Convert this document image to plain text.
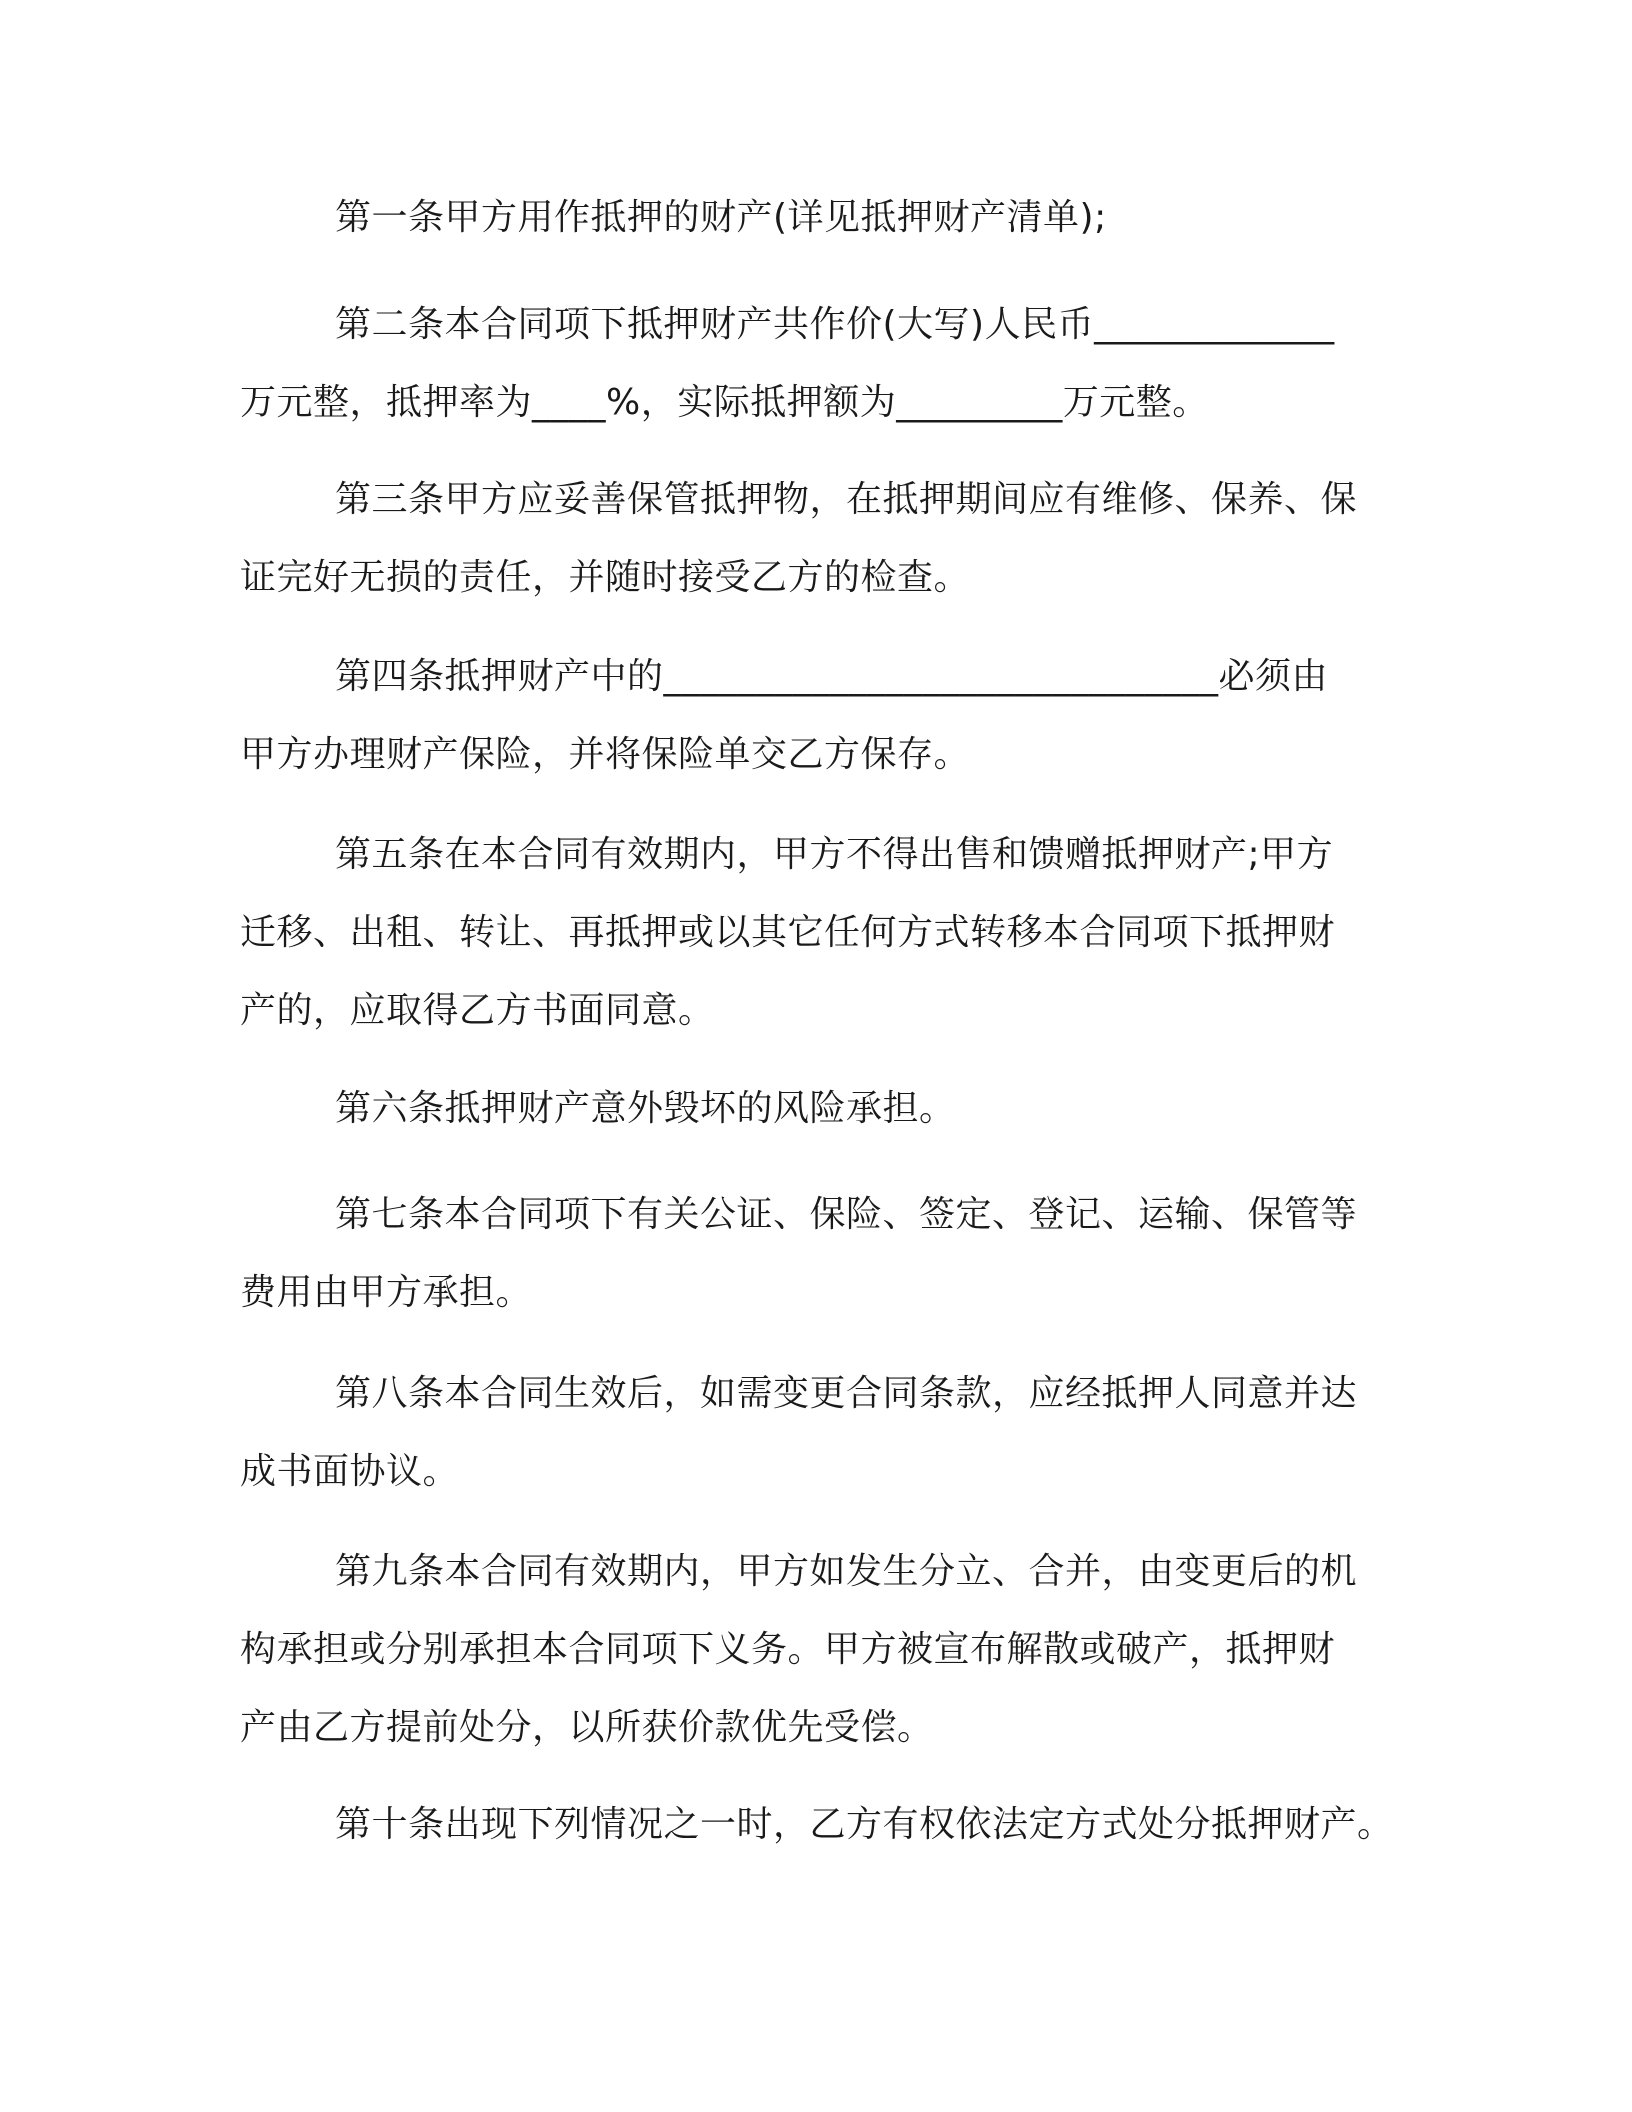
第一条甲方用作抵押的财产(详见抵押财产清单);
第二条本合同项下抵押财产共作价(大写)人民币_____________
万元整，抵押率为____%，实际抵押额为_________万元整。
第三条甲方应妥善保管抵押物，在抵押期间应有维修、保养、保
证完好无损的责任，并随时接受乙方的检查。
第四条抵押财产中的______________________________必须由
甲方办理财产保险，并将保险单交乙方保存。
第五条在本合同有效期内，甲方不得出售和馈赠抵押财产;甲方
迁移、出租、转让、再抵押或以其它任何方式转移本合同项下抵押财
产的，应取得乙方书面同意。
第六条抵押财产意外毁坏的风险承担。
第七条本合同项下有关公证、保险、签定、登记、运输、保管等
费用由甲方承担。
第八条本合同生效后，如需变更合同条款，应经抵押人同意并达
成书面协议。
第九条本合同有效期内，甲方如发生分立、合并，由变更后的机
构承担或分别承担本合同项下义务。甲方被宣布解散或破产，抵押财
产由乙方提前处分，以所获价款优先受偿。
第十条出现下列情况之一时，乙方有权依法定方式处分抵押财产。
